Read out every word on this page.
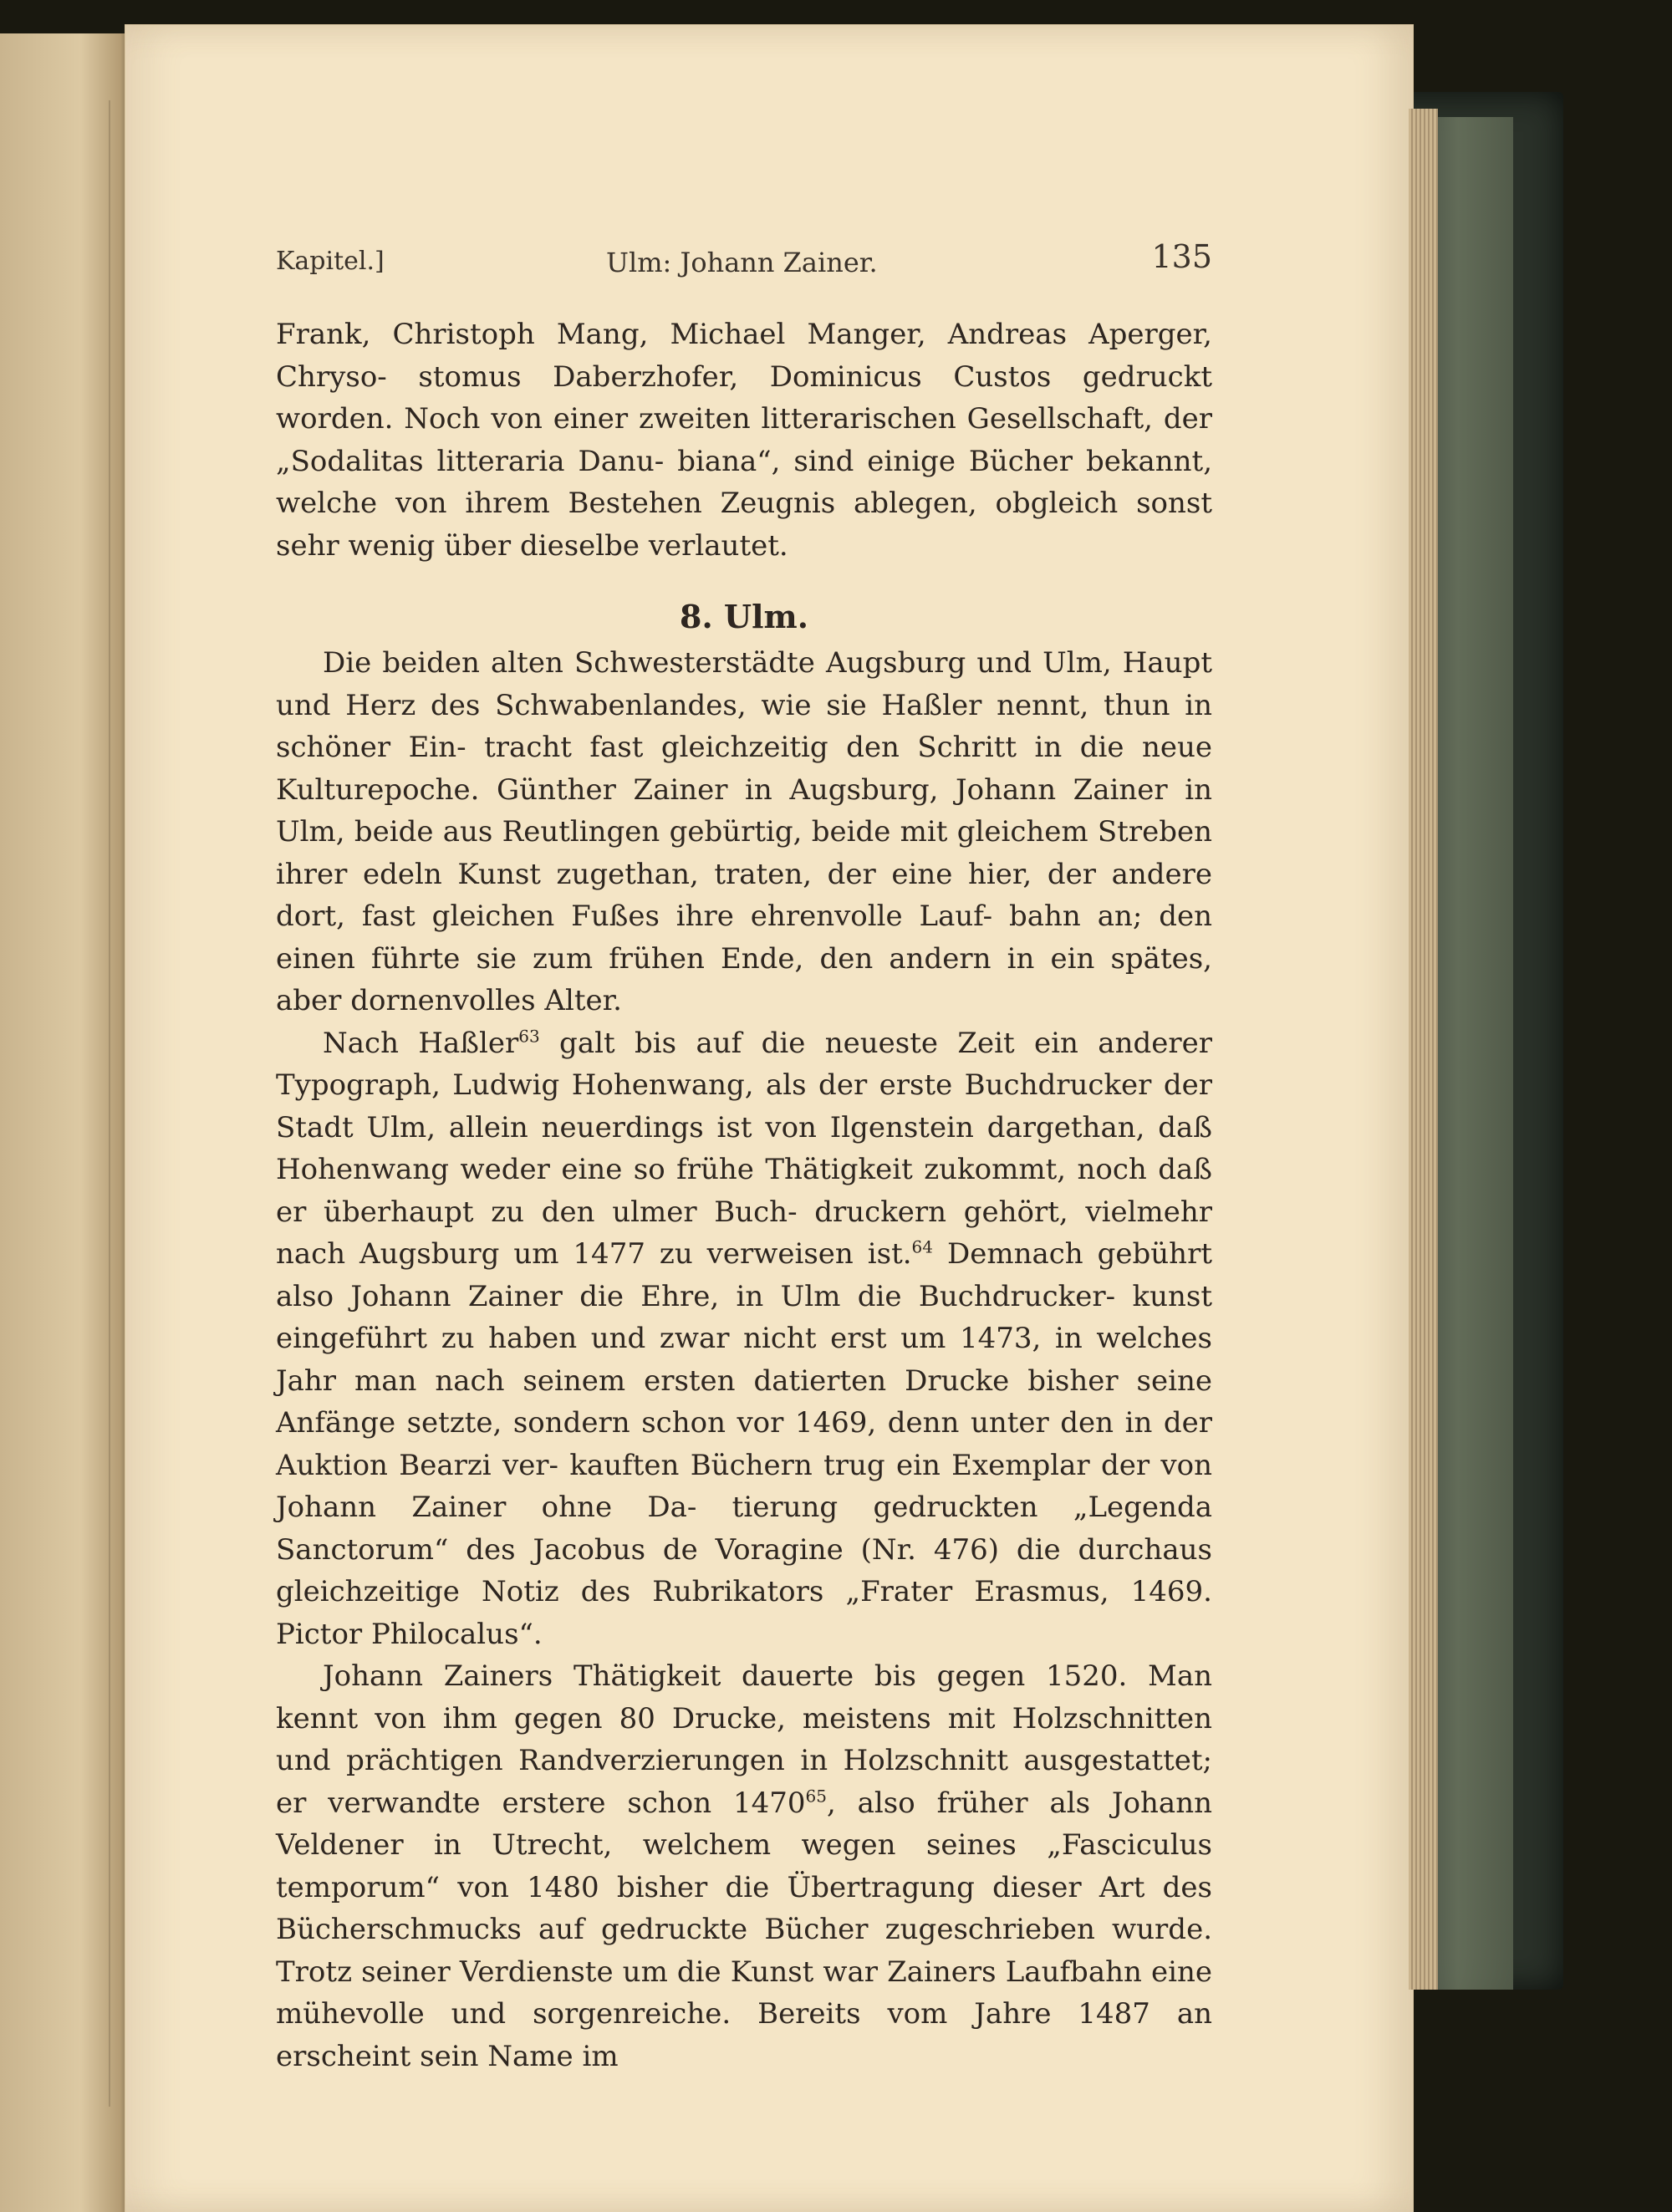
Kapitel.]	Ulm: Johann Zainer.	135

Frank, Christoph Mang, Michael Manger, Andreas Aperger, Chryso- stomus Daberzhofer, Dominicus Custos gedruckt worden. Noch von einer zweiten litterarischen Gesellschaft, der „Sodalitas litteraria Danu- biana“, sind einige Bücher bekannt, welche von ihrem Bestehen Zeugnis ablegen, obgleich sonst sehr wenig über dieselbe verlautet.

8. Ulm.

Die beiden alten Schwesterstädte Augsburg und Ulm, Haupt und Herz des Schwabenlandes, wie sie Haßler nennt, thun in schöner Ein- tracht fast gleichzeitig den Schritt in die neue Kulturepoche. Günther Zainer in Augsburg, Johann Zainer in Ulm, beide aus Reutlingen gebürtig, beide mit gleichem Streben ihrer edeln Kunst zugethan, traten, der eine hier, der andere dort, fast gleichen Fußes ihre ehrenvolle Lauf- bahn an; den einen führte sie zum frühen Ende, den andern in ein spätes, aber dornenvolles Alter.

Nach Haßler$^{63}$ galt bis auf die neueste Zeit ein anderer Typograph, Ludwig Hohenwang, als der erste Buchdrucker der Stadt Ulm, allein neuerdings ist von Ilgenstein dargethan, daß Hohenwang weder eine so frühe Thätigkeit zukommt, noch daß er überhaupt zu den ulmer Buch- druckern gehört, vielmehr nach Augsburg um 1477 zu verweisen ist.$^{64}$ Demnach gebührt also Johann Zainer die Ehre, in Ulm die Buchdrucker- kunst eingeführt zu haben und zwar nicht erst um 1473, in welches Jahr man nach seinem ersten datierten Drucke bisher seine Anfänge setzte, sondern schon vor 1469, denn unter den in der Auktion Bearzi ver- kauften Büchern trug ein Exemplar der von Johann Zainer ohne Da- tierung gedruckten „Legenda Sanctorum“ des Jacobus de Voragine (Nr. 476) die durchaus gleichzeitige Notiz des Rubrikators „Frater Erasmus, 1469. Pictor Philocalus“.

Johann Zainers Thätigkeit dauerte bis gegen 1520. Man kennt von ihm gegen 80 Drucke, meistens mit Holzschnitten und prächtigen Randverzierungen in Holzschnitt ausgestattet; er verwandte erstere schon 1470$^{65}$, also früher als Johann Veldener in Utrecht, welchem wegen seines „Fasciculus temporum“ von 1480 bisher die Übertragung dieser Art des Bücherschmucks auf gedruckte Bücher zugeschrieben wurde. Trotz seiner Verdienste um die Kunst war Zainers Laufbahn eine mühevolle und sorgenreiche. Bereits vom Jahre 1487 an erscheint sein Name im
